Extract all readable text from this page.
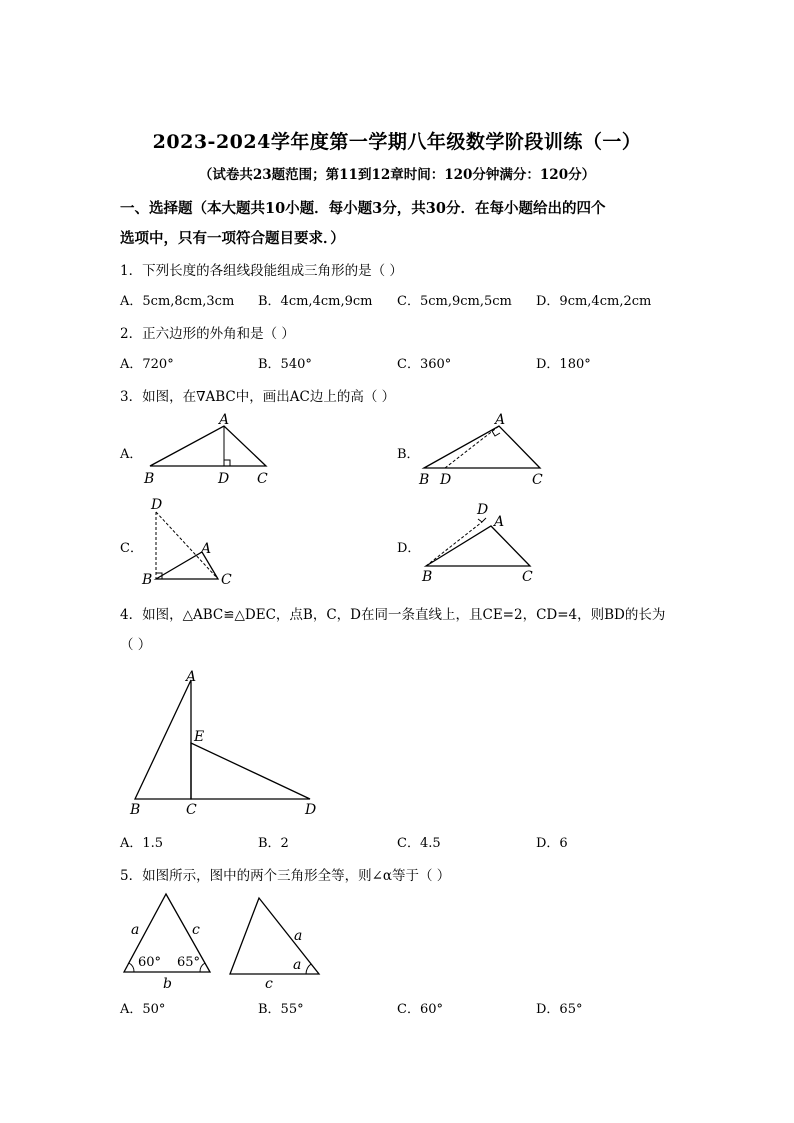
2023-2024学年度第一学期八年级数学阶段训练（一）
（试卷共23题范围；第11到12章时间：120分钟满分：120分）
一、选择题（本大题共10小题．每小题3分，共30分．在每小题给出的四个
选项中，只有一项符合题目要求．）
1．下列长度的各组线段能组成三角形的是（ ）
A．5cm,8cm,3cm B．4cm,4cm,9cm C．5cm,9cm,5cm D．9cm,4cm,2cm
2．正六边形的外角和是（ ）
A．720°	B．540°	C．360°	D．180°
3．如图，在∇ABC中，画出AC边上的高（ ）
A．
A
B	D C
B．
A
B D	C
C．
D
A
B	C
D．
D
A
B	C
4．如图，△ABC≌△DEC，点B，C，D在同一条直线上，且CE=2，CD=4，则BD的长为
（ ）
A
E
B	C	D
A．1.5	B．2	C．4.5	D．6
5．如图所示，图中的两个三角形全等，则∠α等于（ ）
a	c
b
60° 65°
a
a
c
A．50°	B．55°	C．60°	D．65°
